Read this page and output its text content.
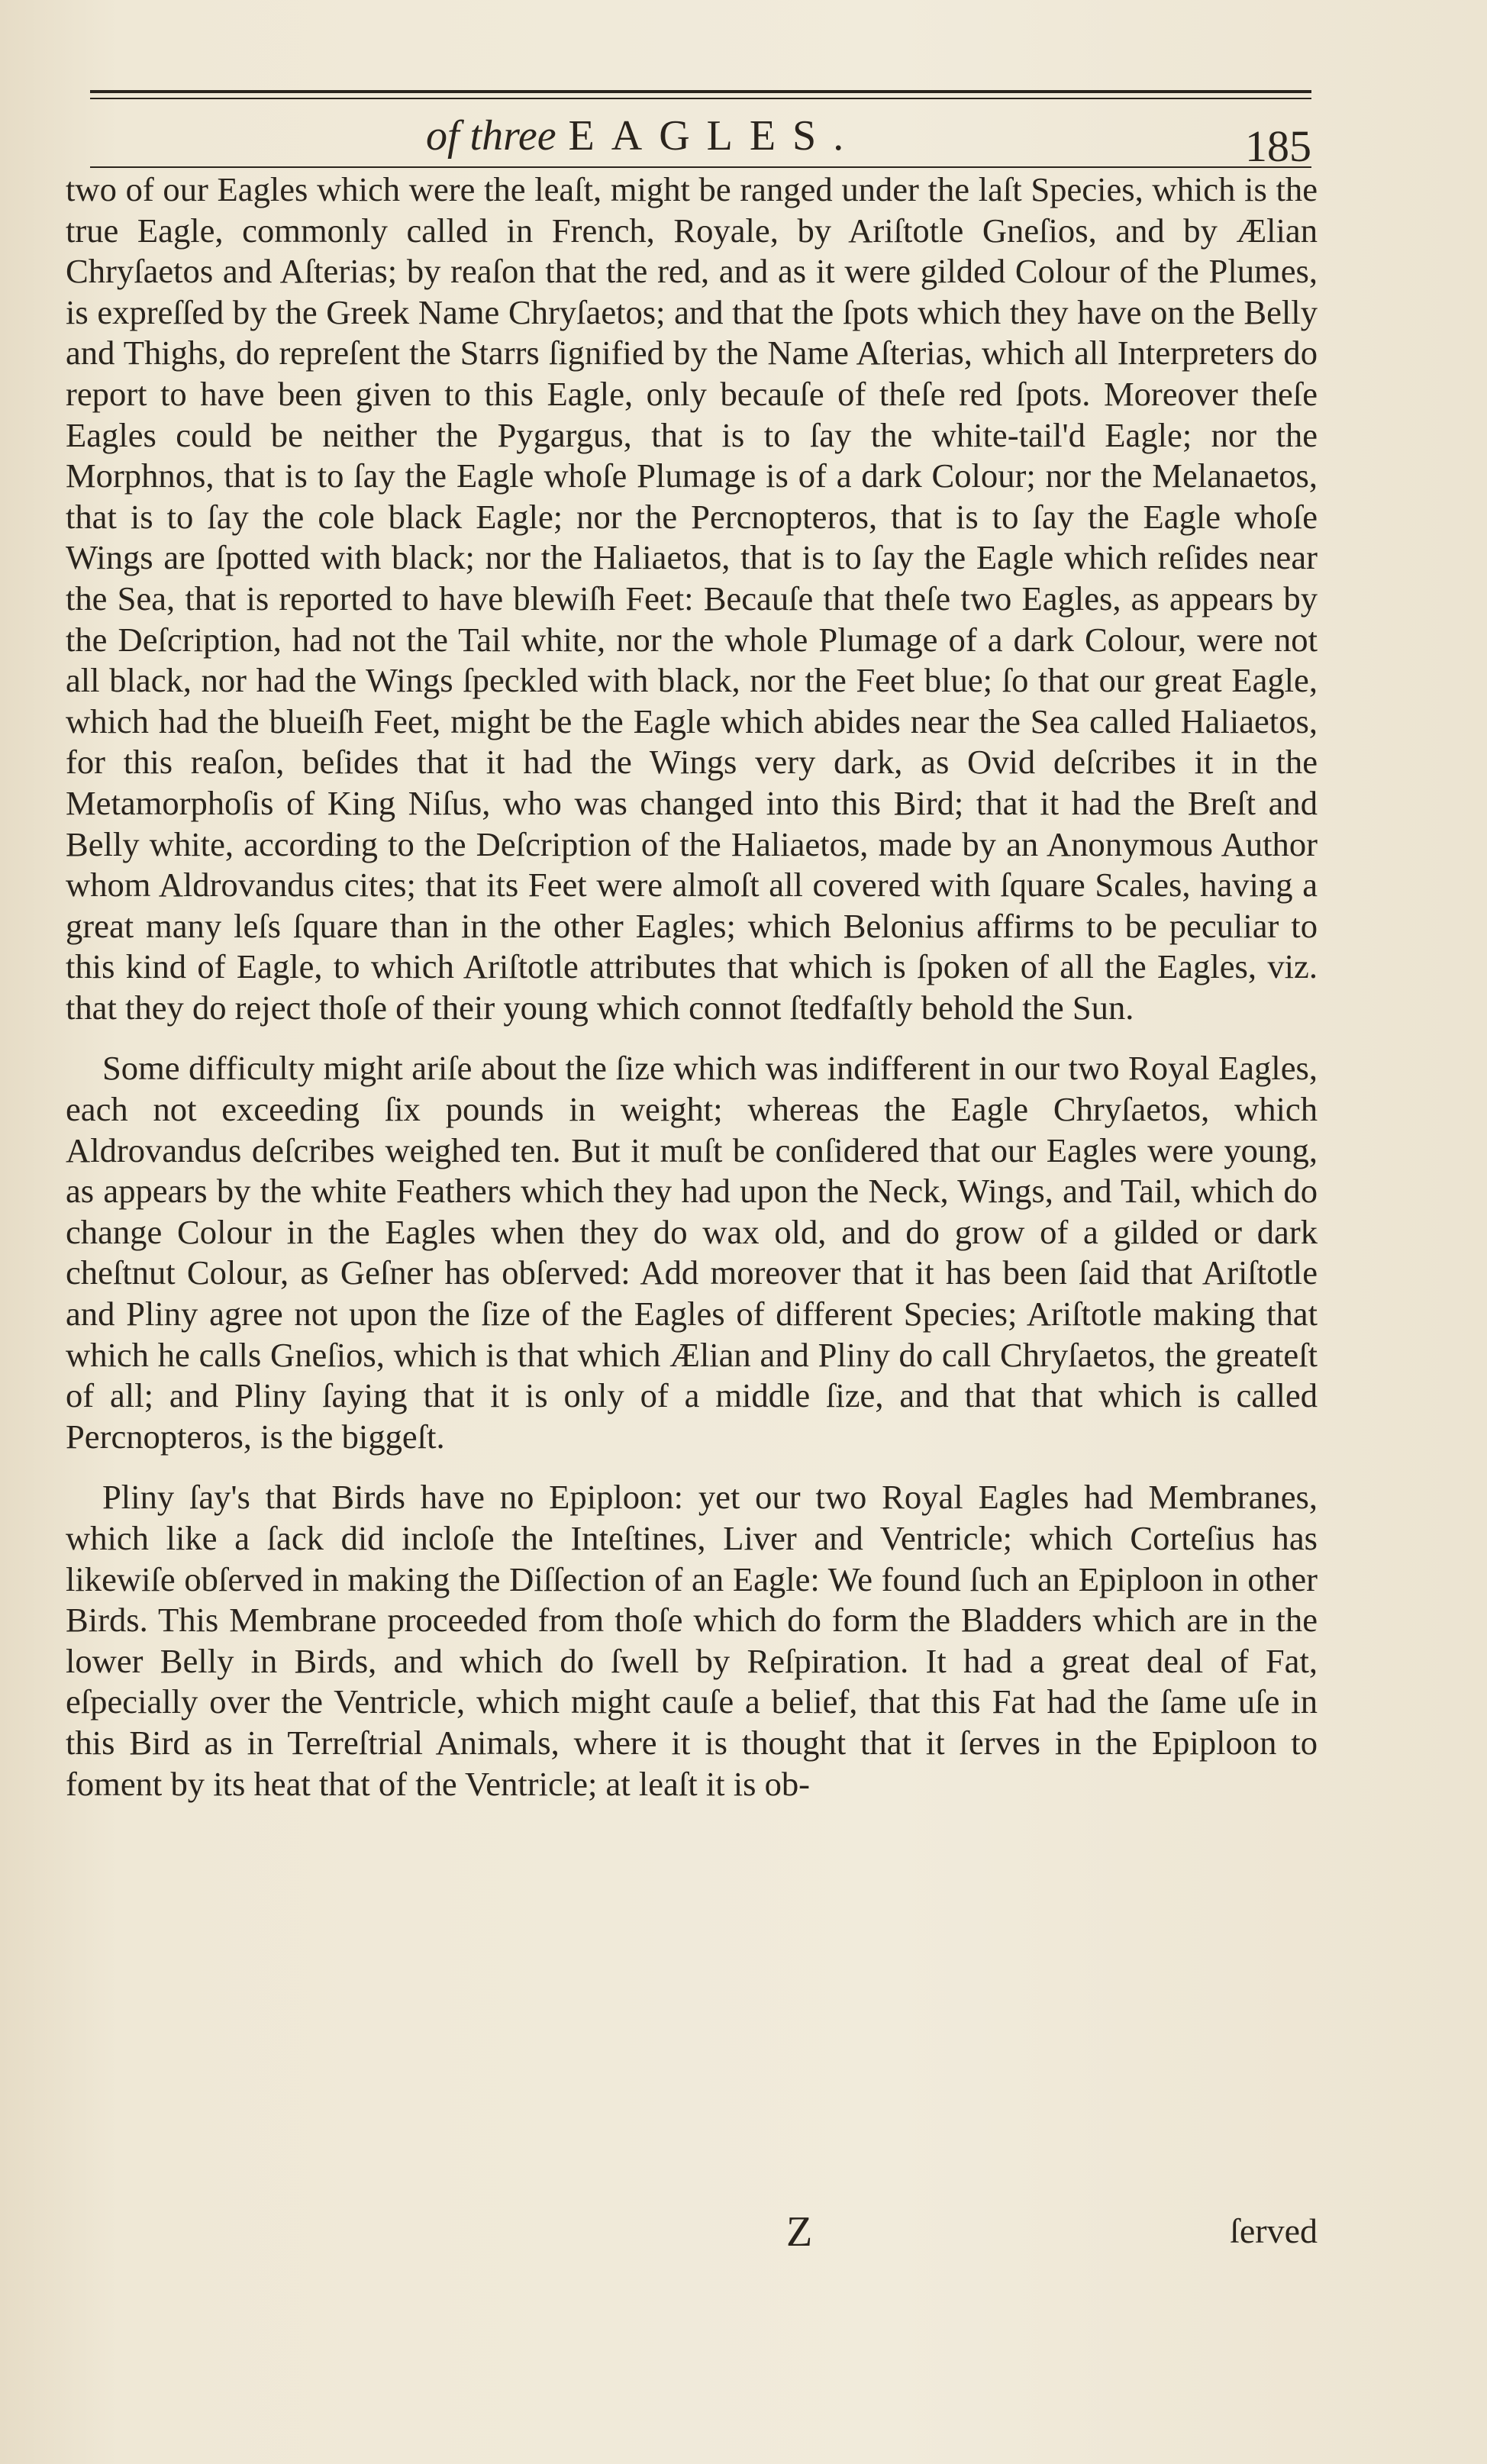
of three EAGLES.	185

two of our Eagles which were the leaſt, might be ranged under the laſt Species, which is the true Eagle, commonly called in French, Royale, by Ariſtotle Gneſios, and by Ælian Chryſaetos and Aſterias; by reaſon that the red, and as it were gilded Colour of the Plumes, is expreſſed by the Greek Name Chryſaetos; and that the ſpots which they have on the Belly and Thighs, do repreſent the Starrs ſignified by the Name Aſterias, which all Interpreters do report to have been given to this Eagle, only becauſe of theſe red ſpots. Moreover theſe Eagles could be neither the Pygargus, that is to ſay the white-tail'd Eagle; nor the Morphnos, that is to ſay the Eagle whoſe Plumage is of a dark Colour; nor the Melanaetos, that is to ſay the cole black Eagle; nor the Percnopteros, that is to ſay the Eagle whoſe Wings are ſpotted with black; nor the Haliaetos, that is to ſay the Eagle which reſides near the Sea, that is reported to have blewiſh Feet: Becauſe that theſe two Eagles, as appears by the Deſcription, had not the Tail white, nor the whole Plumage of a dark Colour, were not all black, nor had the Wings ſpeckled with black, nor the Feet blue; ſo that our great Eagle, which had the blueiſh Feet, might be the Eagle which abides near the Sea called Haliaetos, for this reaſon, beſides that it had the Wings very dark, as Ovid deſcribes it in the Metamorphoſis of King Niſus, who was changed into this Bird; that it had the Breſt and Belly white, according to the Deſcription of the Haliaetos, made by an Anonymous Author whom Aldrovandus cites; that its Feet were almoſt all covered with ſquare Scales, having a great many leſs ſquare than in the other Eagles; which Belonius affirms to be peculiar to this kind of Eagle, to which Ariſtotle attributes that which is ſpoken of all the Eagles, viz. that they do reject thoſe of their young which connot ſtedfaſtly behold the Sun.

Some difficulty might ariſe about the ſize which was indifferent in our two Royal Eagles, each not exceeding ſix pounds in weight; whereas the Eagle Chryſaetos, which Aldrovandus deſcribes weighed ten. But it muſt be conſidered that our Eagles were young, as appears by the white Feathers which they had upon the Neck, Wings, and Tail, which do change Colour in the Eagles when they do wax old, and do grow of a gilded or dark cheſtnut Colour, as Geſner has obſerved: Add moreover that it has been ſaid that Ariſtotle and Pliny agree not upon the ſize of the Eagles of different Species; Ariſtotle making that which he calls Gneſios, which is that which Ælian and Pliny do call Chryſaetos, the greateſt of all; and Pliny ſaying that it is only of a middle ſize, and that that which is called Percnopteros, is the biggeſt.

Pliny ſay's that Birds have no Epiploon: yet our two Royal Eagles had Membranes, which like a ſack did incloſe the Inteſtines, Liver and Ventricle; which Corteſius has likewiſe obſerved in making the Diſſection of an Eagle: We found ſuch an Epiploon in other Birds. This Membrane proceeded from thoſe which do form the Bladders which are in the lower Belly in Birds, and which do ſwell by Reſpiration. It had a great deal of Fat, eſpecially over the Ventricle, which might cauſe a belief, that this Fat had the ſame uſe in this Bird as in Terreſtrial Animals, where it is thought that it ſerves in the Epiploon to foment by its heat that of the Ventricle; at leaſt it is ob-

Z	ſerved
